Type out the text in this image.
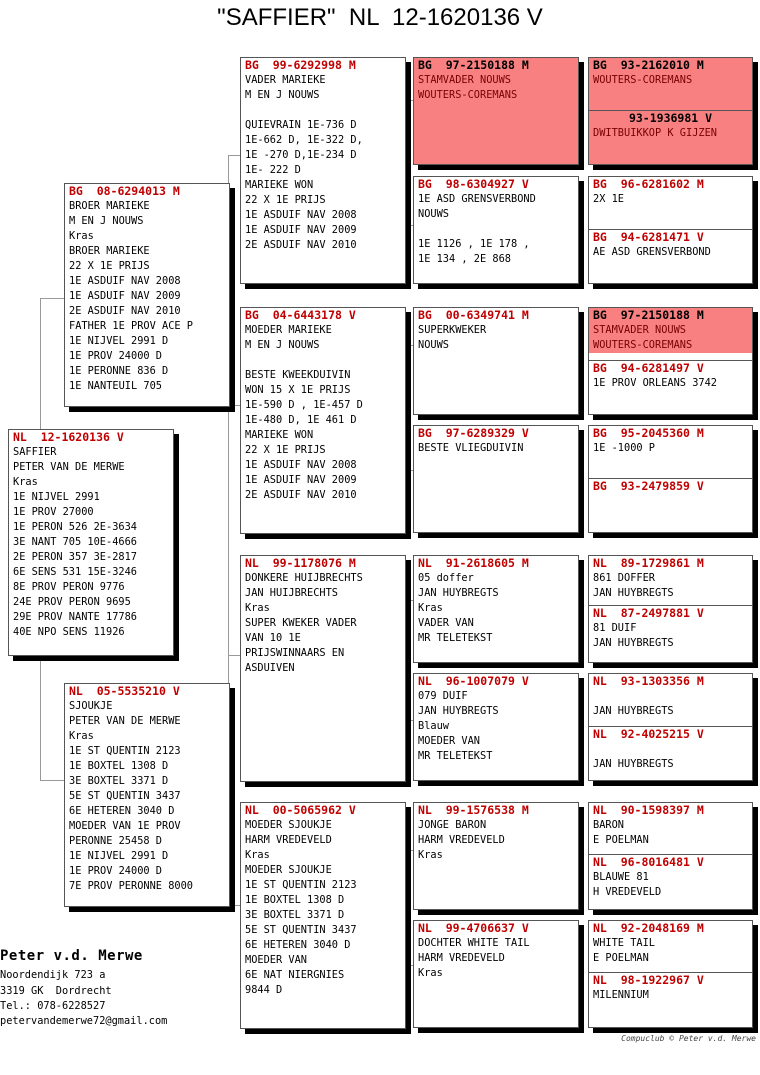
"SAFFIER"  NL  12-1620136 V
NL  12-1620136 V
SAFFIER
PETER VAN DE MERWE
Kras
1E NIJVEL 2991
1E PROV 27000
1E PERON 526 2E-3634
3E NANT 705 10E-4666
2E PERON 357 3E-2817
6E SENS 531 15E-3246
8E PROV PERON 9776
24E PROV PERON 9695
29E PROV NANTE 17786
40E NPO SENS 11926
BG  08-6294013 M
BROER MARIEKE
M EN J NOUWS
Kras
BROER MARIEKE
22 X 1E PRIJS
1E ASDUIF NAV 2008
1E ASDUIF NAV 2009
2E ASDUIF NAV 2010
FATHER 1E PROV ACE P
1E NIJVEL 2991 D
1E PROV 24000 D
1E PERONNE 836 D
1E NANTEUIL 705
NL  05-5535210 V
SJOUKJE
PETER VAN DE MERWE
Kras
1E ST QUENTIN 2123
1E BOXTEL 1308 D
3E BOXTEL 3371 D
5E ST QUENTIN 3437
6E HETEREN 3040 D
MOEDER VAN 1E PROV
PERONNE 25458 D
1E NIJVEL 2991 D
1E PROV 24000 D
7E PROV PERONNE 8000
BG  99-6292998 M
VADER MARIEKE
M EN J NOUWS
QUIEVRAIN 1E-736 D
1E-662 D, 1E-322 D,
1E -270 D,1E-234 D
1E- 222 D
MARIEKE WON
22 X 1E PRIJS
1E ASDUIF NAV 2008
1E ASDUIF NAV 2009
2E ASDUIF NAV 2010
BG  04-6443178 V
MOEDER MARIEKE
M EN J NOUWS
BESTE KWEEKDUIVIN
WON 15 X 1E PRIJS
1E-590 D , 1E-457 D
1E-480 D, 1E 461 D
MARIEKE WON
22 X 1E PRIJS
1E ASDUIF NAV 2008
1E ASDUIF NAV 2009
2E ASDUIF NAV 2010
NL  99-1178076 M
DONKERE HUIJBRECHTS
JAN HUIJBRECHTS
Kras
SUPER KWEKER VADER
VAN 10 1E
PRIJSWINNAARS EN
ASDUIVEN
NL  00-5065962 V
MOEDER SJOUKJE
HARM VREDEVELD
Kras
MOEDER SJOUKJE
1E ST QUENTIN 2123
1E BOXTEL 1308 D
3E BOXTEL 3371 D
5E ST QUENTIN 3437
6E HETEREN 3040 D
MOEDER VAN
6E NAT NIERGNIES
9844 D
BG  97-2150188 M
STAMVADER NOUWS
WOUTERS-COREMANS
BG  98-6304927 V
1E ASD GRENSVERBOND
NOUWS
1E 1126 , 1E 178 ,
1E 134 , 2E 868
BG  00-6349741 M
SUPERKWEKER
NOUWS
BG  97-6289329 V
BESTE VLIEGDUIVIN
NL  91-2618605 M
05 doffer
JAN HUYBREGTS
Kras
VADER VAN
MR TELETEKST
NL  96-1007079 V
079 DUIF
JAN HUYBREGTS
Blauw
MOEDER VAN
MR TELETEKST
NL  99-1576538 M
JONGE BARON
HARM VREDEVELD
Kras
NL  99-4706637 V
DOCHTER WHITE TAIL
HARM VREDEVELD
Kras
BG  93-2162010 M
WOUTERS-COREMANS
93-1936981 V
DWITBUIKKOP K GIJZEN
BG  96-6281602 M
2X 1E
BG  94-6281471 V
AE ASD GRENSVERBOND
BG  97-2150188 M
STAMVADER NOUWS
WOUTERS-COREMANS
BG  94-6281497 V
1E PROV ORLEANS 3742
BG  95-2045360 M
1E -1000 P
BG  93-2479859 V
NL  89-1729861 M
861 DOFFER
JAN HUYBREGTS
NL  87-2497881 V
81 DUIF
JAN HUYBREGTS
NL  93-1303356 M
JAN HUYBREGTS
NL  92-4025215 V
JAN HUYBREGTS
NL  90-1598397 M
BARON
E POELMAN
NL  96-8016481 V
BLAUWE 81
H VREDEVELD
NL  92-2048169 M
WHITE TAIL
E POELMAN
NL  98-1922967 V
MILENNIUM
Peter v.d. Merwe
Noordendijk 723 a
3319 GK  Dordrecht
Tel.: 078-6228527
petervandemerwe72@gmail.com
Compuclub © Peter v.d. Merwe
